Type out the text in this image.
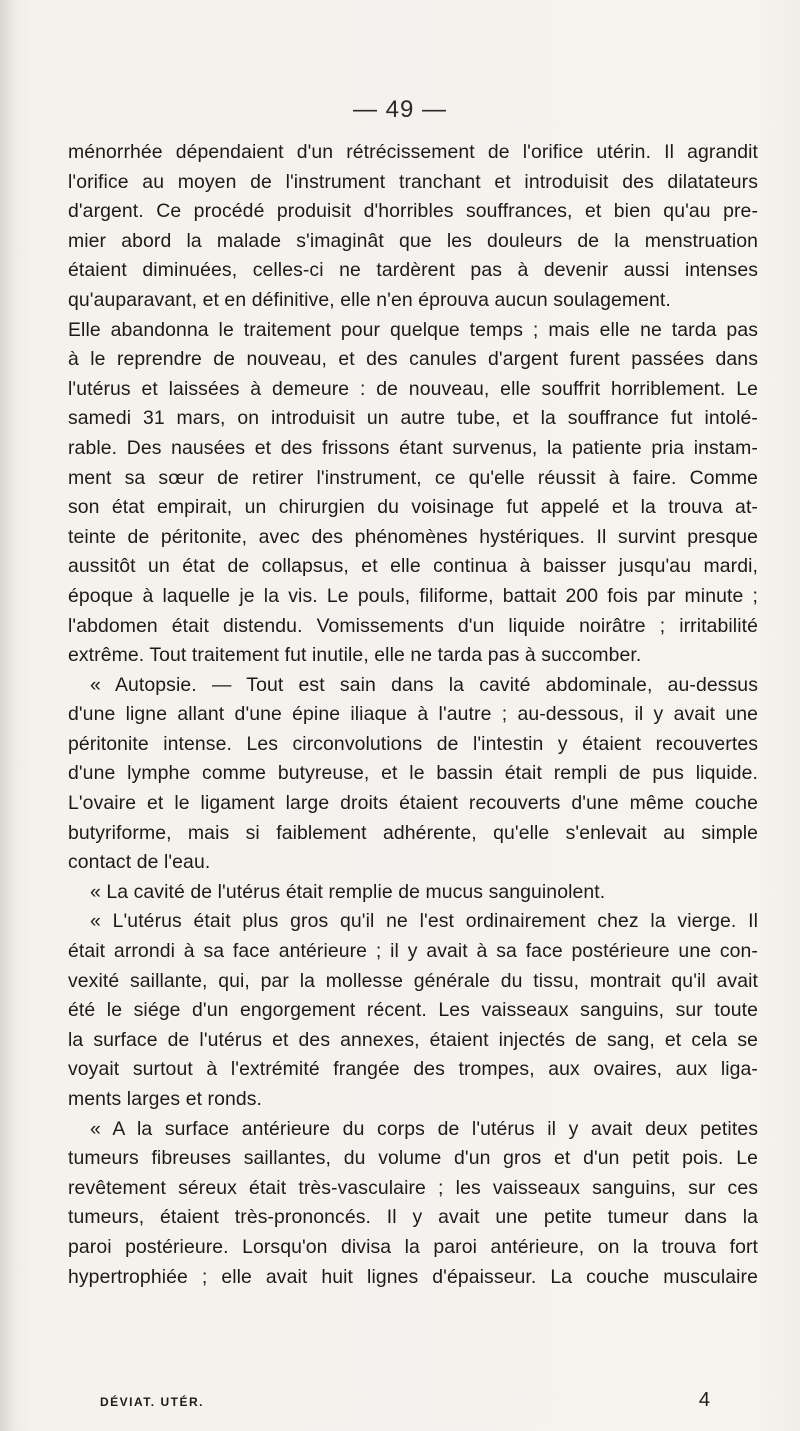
— 49 —
ménorrhée dépendaient d'un rétrécissement de l'orifice utérin. Il agrandit
l'orifice au moyen de l'instrument tranchant et introduisit des dilatateurs
d'argent. Ce procédé produisit d'horribles souffrances, et bien qu'au pre-
mier abord la malade s'imaginât que les douleurs de la menstruation
étaient diminuées, celles-ci ne tardèrent pas à devenir aussi intenses
qu'auparavant, et en définitive, elle n'en éprouva aucun soulagement.
Elle abandonna le traitement pour quelque temps ; mais elle ne tarda pas
à le reprendre de nouveau, et des canules d'argent furent passées dans
l'utérus et laissées à demeure : de nouveau, elle souffrit horriblement. Le
samedi 31 mars, on introduisit un autre tube, et la souffrance fut intolé-
rable. Des nausées et des frissons étant survenus, la patiente pria instam-
ment sa sœur de retirer l'instrument, ce qu'elle réussit à faire. Comme
son état empirait, un chirurgien du voisinage fut appelé et la trouva at-
teinte de péritonite, avec des phénomènes hystériques. Il survint presque
aussitôt un état de collapsus, et elle continua à baisser jusqu'au mardi,
époque à laquelle je la vis. Le pouls, filiforme, battait 200 fois par minute ;
l'abdomen était distendu. Vomissements d'un liquide noirâtre ; irritabilité
extrême. Tout traitement fut inutile, elle ne tarda pas à succomber.
« Autopsie. — Tout est sain dans la cavité abdominale, au-dessus
d'une ligne allant d'une épine iliaque à l'autre ; au-dessous, il y avait une
péritonite intense. Les circonvolutions de l'intestin y étaient recouvertes
d'une lymphe comme butyreuse, et le bassin était rempli de pus liquide.
L'ovaire et le ligament large droits étaient recouverts d'une même couche
butyriforme, mais si faiblement adhérente, qu'elle s'enlevait au simple
contact de l'eau.
« La cavité de l'utérus était remplie de mucus sanguinolent.
« L'utérus était plus gros qu'il ne l'est ordinairement chez la vierge. Il
était arrondi à sa face antérieure ; il y avait à sa face postérieure une con-
vexité saillante, qui, par la mollesse générale du tissu, montrait qu'il avait
été le siége d'un engorgement récent. Les vaisseaux sanguins, sur toute
la surface de l'utérus et des annexes, étaient injectés de sang, et cela se
voyait surtout à l'extrémité frangée des trompes, aux ovaires, aux liga-
ments larges et ronds.
« A la surface antérieure du corps de l'utérus il y avait deux petites
tumeurs fibreuses saillantes, du volume d'un gros et d'un petit pois. Le
revêtement séreux était très-vasculaire ; les vaisseaux sanguins, sur ces
tumeurs, étaient très-prononcés. Il y avait une petite tumeur dans la
paroi postérieure. Lorsqu'on divisa la paroi antérieure, on la trouva fort
hypertrophiée ; elle avait huit lignes d'épaisseur. La couche musculaire
DÉVIAT. UTÉR.	4
